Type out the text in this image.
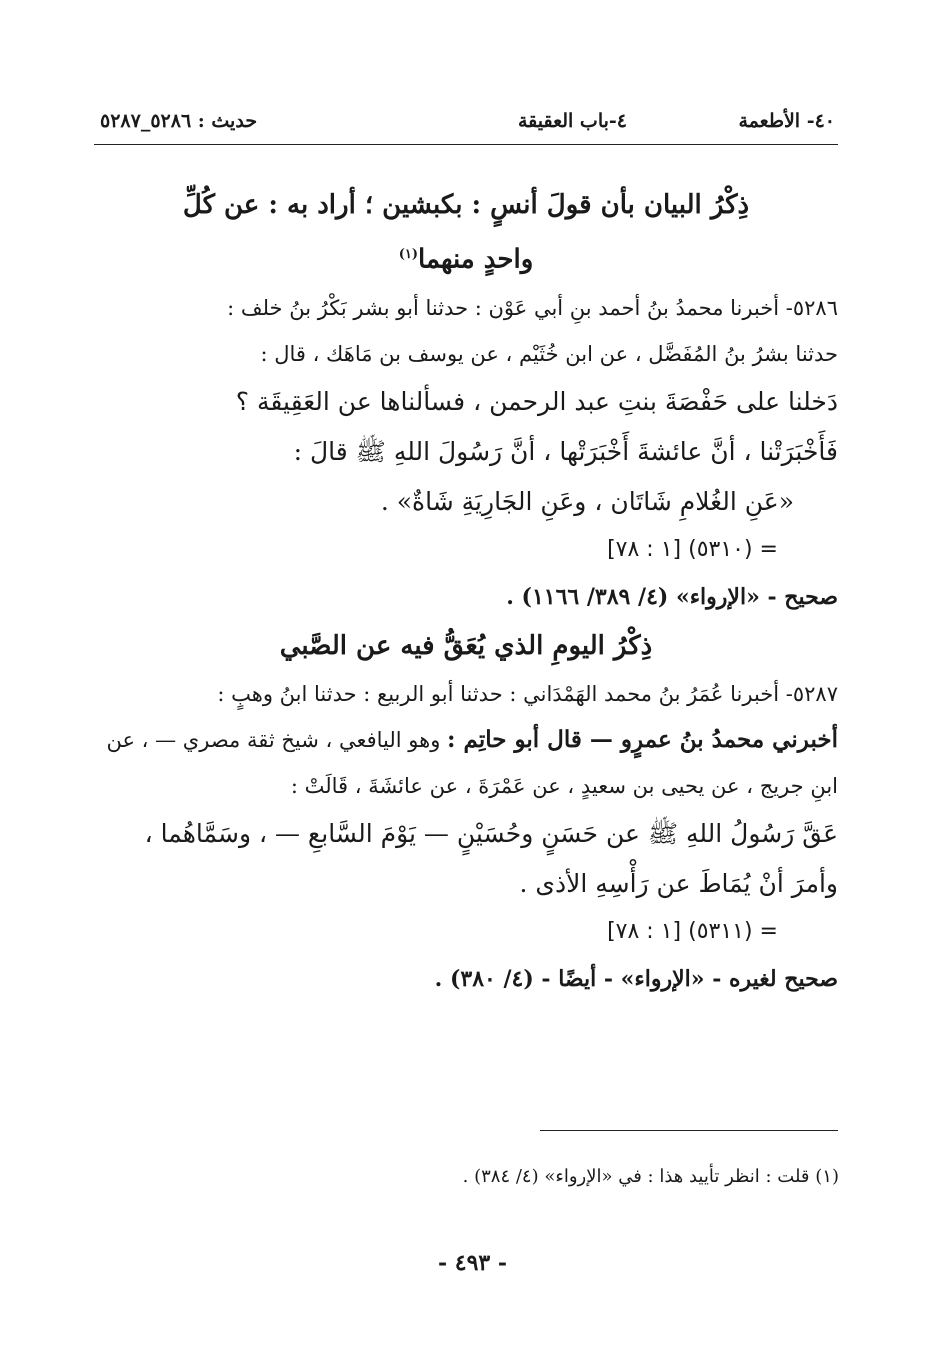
٤٠- الأطعمة
٤-باب العقيقة
حديث : ٥٢٨٦_٥٢٨٧

ذِكْرُ البيان بأن قولَ أنسٍ : بكبشين ؛ أراد به : عن كُلِّ
واحدٍ منهما$^{(١)}$

٥٢٨٦- أخبرنا محمدُ بنُ أحمد بنِ أبي عَوْن : حدثنا أبو بشر بَكْرُ بنُ خلف :
حدثنا بشرُ بنُ المُفَضَّل ، عن ابن خُثَيْم ، عن يوسف بن مَاهَك ، قال :

دَخلنا على حَفْصَةَ بنتِ عبد الرحمن ، فسألناها عن العَقِيقَة ؟
فَأَخْبَرَتْنا ، أنَّ عائشةَ أَخْبَرَتْها ، أنَّ رَسُولَ اللهِ ﷺ قالَ :

«عَنِ الغُلامِ شَاتَان ، وعَنِ الجَارِيَةِ شَاةٌ» .

= (٥٣١٠) [١ : ٧٨]

صحيح - «الإرواء» (٤/ ٣٨٩/ ١١٦٦) .

ذِكْرُ اليومِ الذي يُعَقُّ فيه عن الصَّبي

٥٢٨٧- أخبرنا عُمَرُ بنُ محمد الهَمْدَاني : حدثنا أبو الربيع : حدثنا ابنُ وهبٍ :
أخبرني محمدُ بنُ عمرٍو — قال أبو حاتِم : وهو اليافعي ، شيخ ثقة مصري — ، عن
ابنِ جريج ، عن يحيى بن سعيدٍ ، عن عَمْرَةَ ، عن عائشَةَ ، قَالَتْ :

عَقَّ رَسُولُ اللهِ ﷺ عن حَسَنٍ وحُسَيْنٍ — يَوْمَ السَّابعِ — ، وسَمَّاهُما ،
وأمرَ أنْ يُمَاطَ عن رَأْسِهِ الأذى .

= (٥٣١١) [١ : ٧٨]

صحيح لغيره - «الإرواء» - أيضًا - (٤/ ٣٨٠) .

(١) قلت : انظر تأييد هذا : في «الإرواء» (٤/ ٣٨٤) .
- ٤٩٣ -
